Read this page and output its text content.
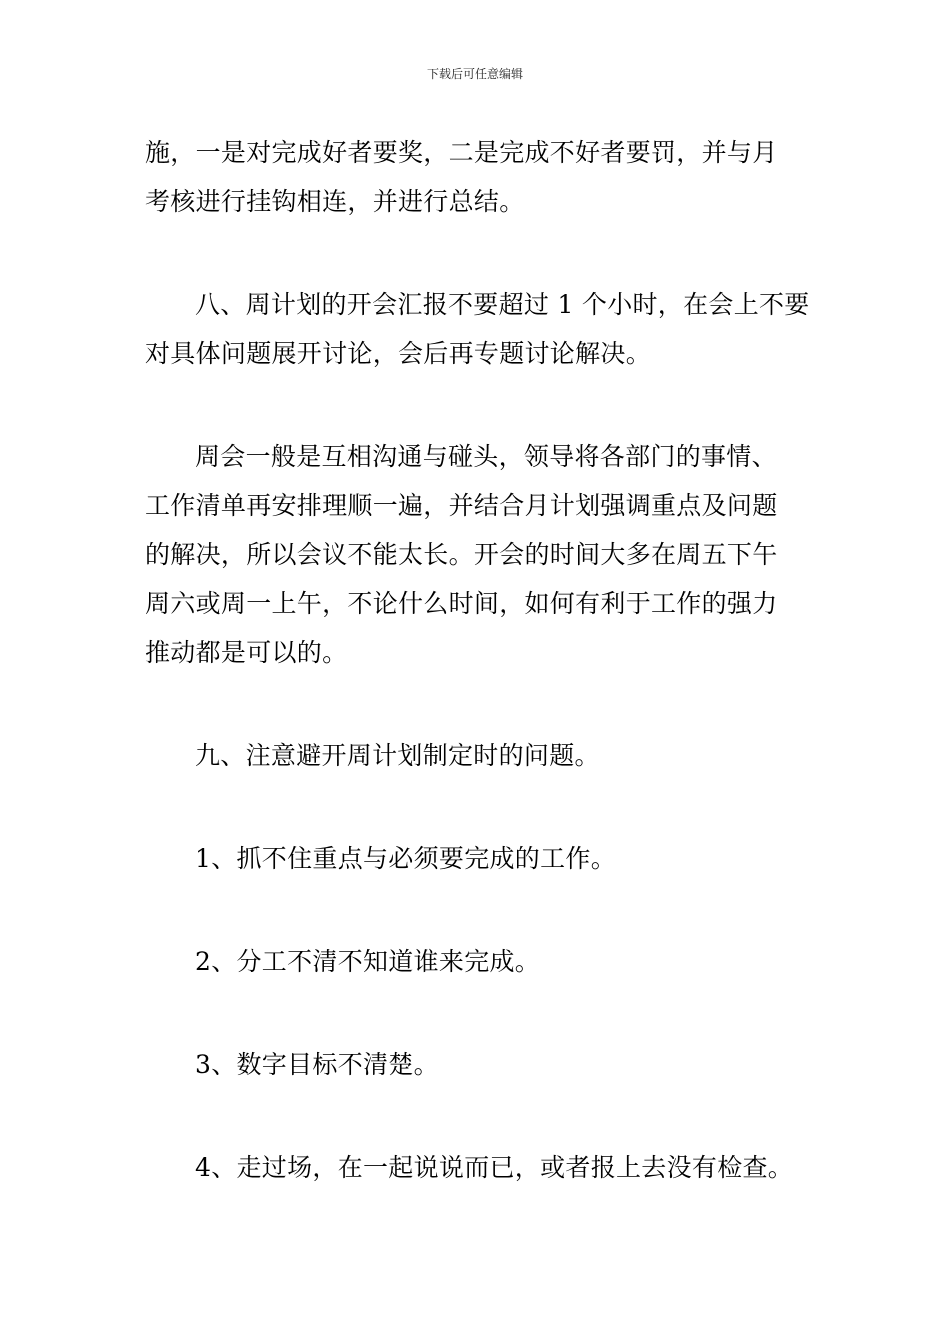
下载后可任意编辑
施，一是对完成好者要奖，二是完成不好者要罚，并与月
考核进行挂钩相连，并进行总结。
八、周计划的开会汇报不要超过 1 个小时，在会上不要
对具体问题展开讨论，会后再专题讨论解决。
周会一般是互相沟通与碰头，领导将各部门的事情、
工作清单再安排理顺一遍，并结合月计划强调重点及问题
的解决，所以会议不能太长。开会的时间大多在周五下午
周六或周一上午，不论什么时间，如何有利于工作的强力
推动都是可以的。
九、注意避开周计划制定时的问题。
1、抓不住重点与必须要完成的工作。
2、分工不清不知道谁来完成。
3、数字目标不清楚。
4、走过场，在一起说说而已，或者报上去没有检查。
